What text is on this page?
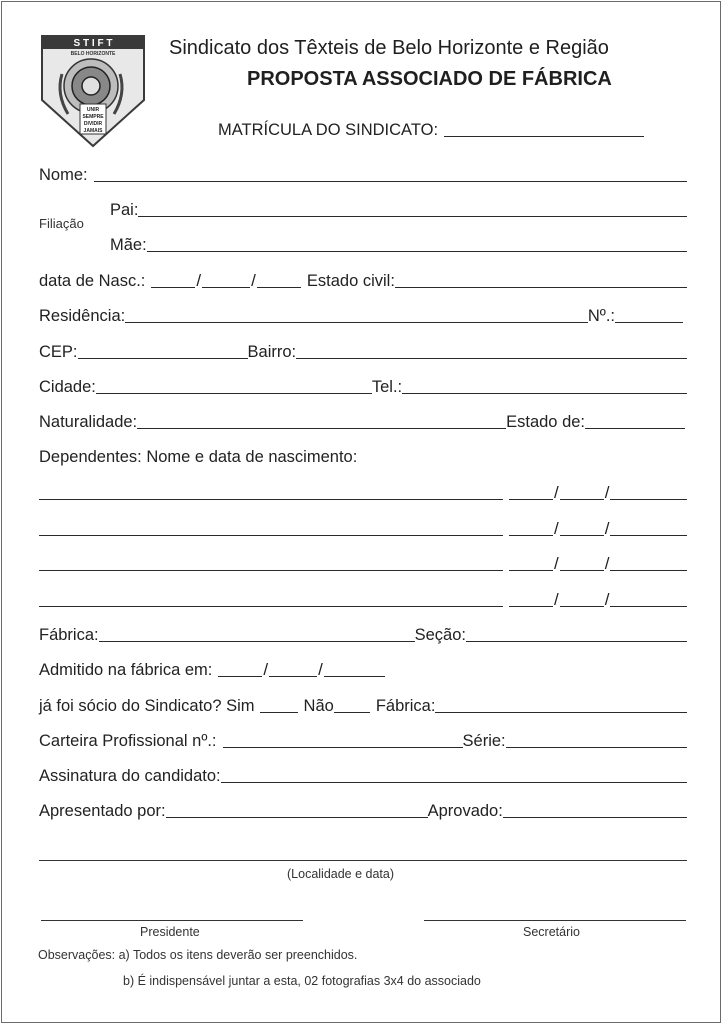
S T I F T
BELO HORIZONTE
UNIR
SEMPRE
DIVIDIR
JAMAIS
Sindicato dos Têxteis de Belo Horizonte e Região
PROPOSTA ASSOCIADO DE FÁBRICA
MATRÍCULA DO SINDICATO:
Nome:
Filiação
Pai:
Mãe:
data de Nasc.:	/	/	Estado civil:
Residência:	Nº.:
CEP:	Bairro:
Cidade:	Tel.:
Naturalidade:	Estado de:
Dependentes: Nome e data de nascimento:
/	/
/	/
/	/
/	/
Fábrica:	Seção:
Admitido na fábrica em:	/	/
já foi sócio do Sindicato? Sim	Não	Fábrica:
Carteira Profissional nº.:	Série:
Assinatura do candidato:
Apresentado por:	Aprovado:
(Localidade e data)
Presidente	Secretário
Observações: a) Todos os itens deverão ser preenchidos.
b) É indispensável juntar a esta, 02 fotografias 3x4 do associado
